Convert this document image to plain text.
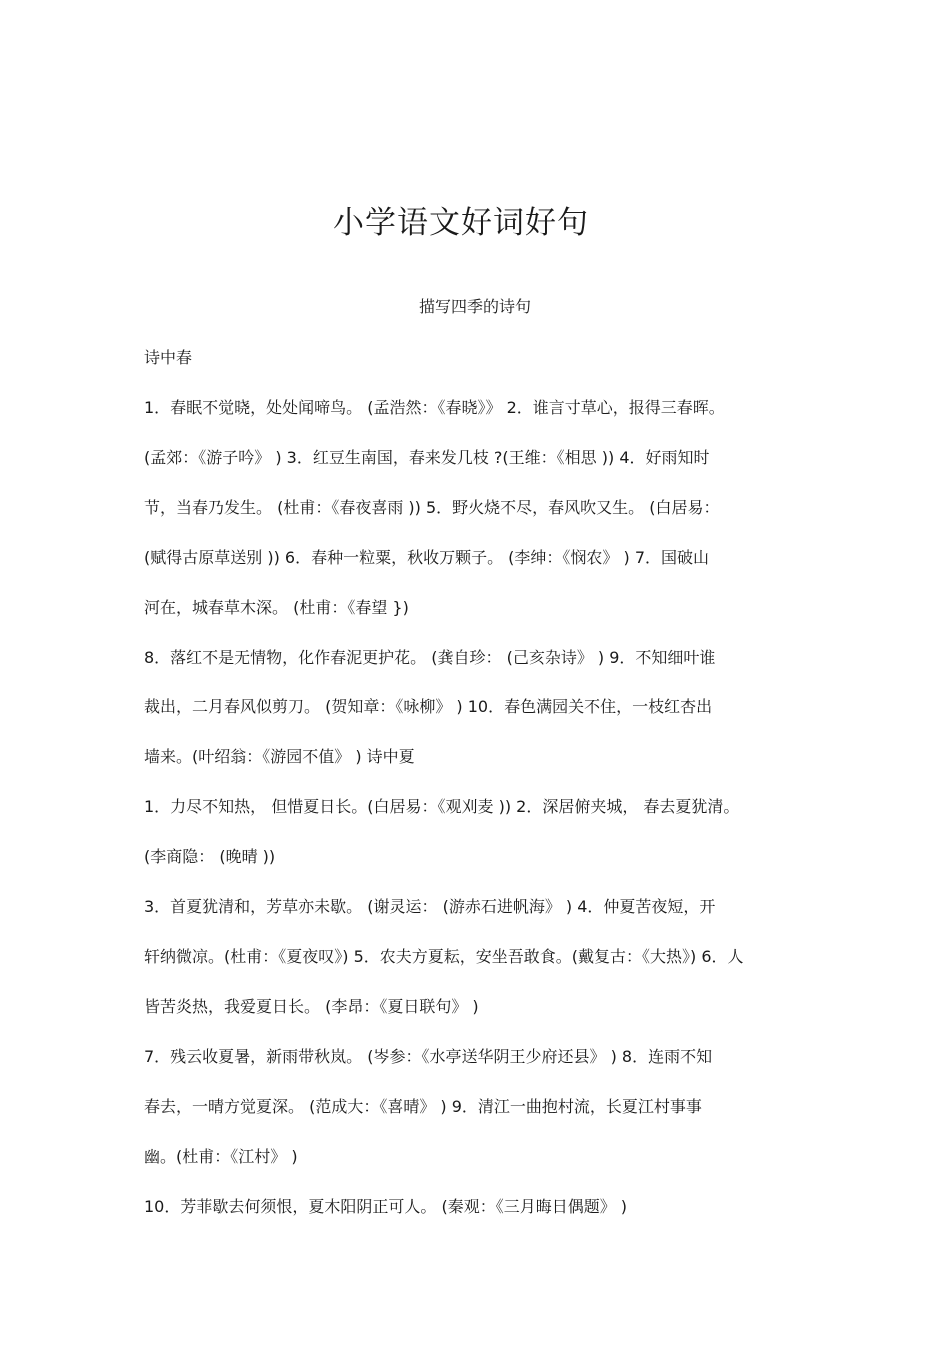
小学语文好词好句
描写四季的诗句
诗中春
1．春眠不觉晓，处处闻啼鸟。 (孟浩然：《春晓》》 2．谁言寸草心，报得三春晖。
(孟郊：《游子吟》 ) 3．红豆生南国，春来发几枝 ?(王维：《相思 )) 4．好雨知时
节，当春乃发生。 (杜甫：《春夜喜雨 )) 5．野火烧不尽，春风吹又生。 (白居易：
(赋得古原草送别 )) 6．春种一粒粟，秋收万颗子。 (李绅：《悯农》 ) 7．国破山
河在，城春草木深。 (杜甫：《春望 })
8．落红不是无情物，化作春泥更护花。 (龚自珍： (己亥杂诗》 ) 9．不知细叶谁
裁出，二月春风似剪刀。 (贺知章：《咏柳》 ) 10．春色满园关不住，一枝红杏出
墙来。(叶绍翁：《游园不值》 ) 诗中夏
1．力尽不知热， 但惜夏日长。(白居易：《观刈麦 )) 2．深居俯夹城， 春去夏犹清。
(李商隐： (晚晴 ))
3．首夏犹清和，芳草亦未歇。 (谢灵运： (游赤石进帆海》 ) 4．仲夏苦夜短，开
轩纳微凉。(杜甫：《夏夜叹》) 5．农夫方夏耘，安坐吾敢食。(戴复古：《大热》) 6．人
皆苦炎热，我爱夏日长。 (李昂：《夏日联句》 )
7．残云收夏暑，新雨带秋岚。 (岑参：《水亭送华阴王少府还县》 ) 8．连雨不知
春去，一晴方觉夏深。 (范成大：《喜晴》 ) 9．清江一曲抱村流，长夏江村事事
幽。(杜甫：《江村》 )
10．芳菲歇去何须恨，夏木阳阴正可人。 (秦观：《三月晦日偶题》 )
